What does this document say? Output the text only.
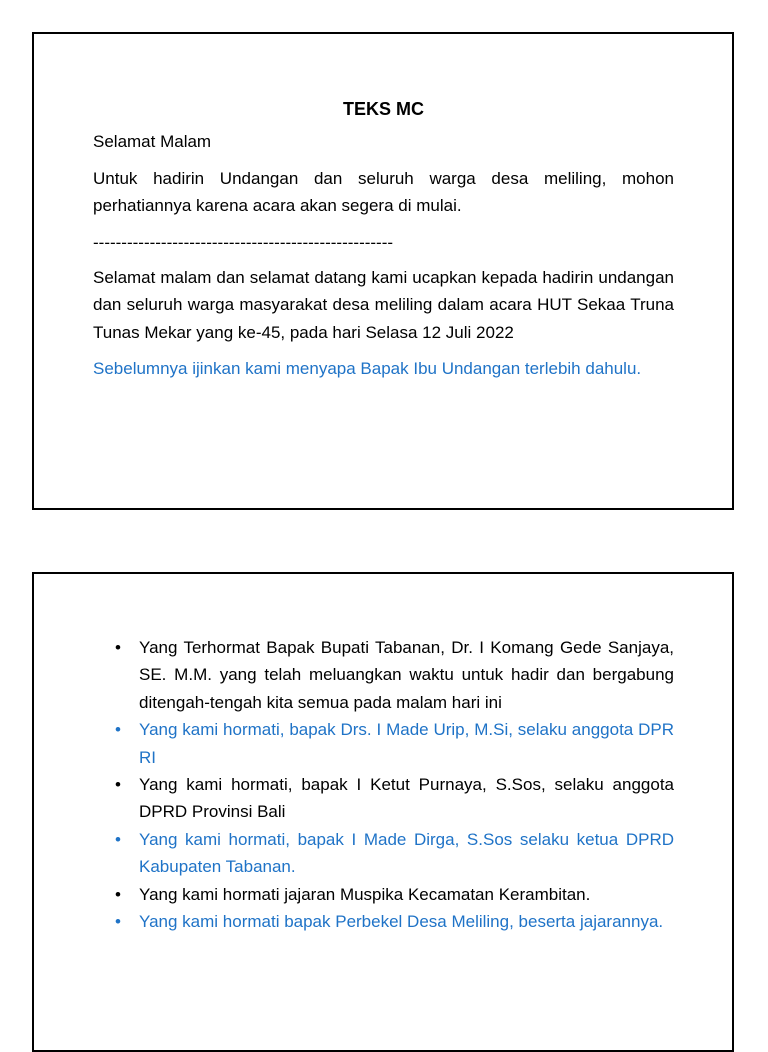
TEKS MC

Selamat Malam

Untuk hadirin Undangan dan seluruh warga desa meliling, mohon perhatiannya karena acara akan segera di mulai.

-----------------------------------------------------

Selamat malam dan selamat datang kami ucapkan kepada hadirin undangan dan seluruh warga masyarakat desa meliling dalam acara HUT Sekaa Truna Tunas Mekar yang ke-45, pada hari Selasa 12 Juli 2022

Sebelumnya ijinkan kami menyapa Bapak Ibu Undangan terlebih dahulu.

• Yang Terhormat Bapak Bupati Tabanan, Dr. I Komang Gede Sanjaya, SE. M.M. yang telah meluangkan waktu untuk hadir dan bergabung ditengah-tengah kita semua pada malam hari ini
• Yang kami hormati, bapak Drs. I Made Urip, M.Si, selaku anggota DPR RI
• Yang kami hormati, bapak I Ketut Purnaya, S.Sos, selaku anggota DPRD Provinsi Bali
• Yang kami hormati, bapak I Made Dirga, S.Sos selaku ketua DPRD Kabupaten Tabanan.
• Yang kami hormati jajaran Muspika Kecamatan Kerambitan.
• Yang kami hormati bapak Perbekel Desa Meliling, beserta jajarannya.
